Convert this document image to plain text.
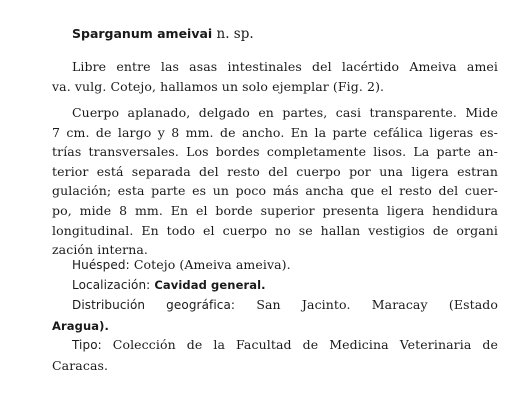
Sparganum ameivai n. sp.
Libre entre las asas intestinales del lacértido Ameiva amei
va. vulg. Cotejo, hallamos un solo ejemplar (Fig. 2).
Cuerpo aplanado, delgado en partes, casi transparente. Mide
7 cm. de largo y 8 mm. de ancho. En la parte cefálica ligeras es-
trías transversales. Los bordes completamente lisos. La parte an-
terior está separada del resto del cuerpo por una ligera estran
gulación; esta parte es un poco más ancha que el resto del cuer-
po, mide 8 mm. En el borde superior presenta ligera hendidura
longitudinal. En todo el cuerpo no se hallan vestigios de organi
zación interna.
Huésped: Cotejo (Ameiva ameiva).
Localización: Cavidad general.
Distribución geográfica: San Jacinto. Maracay (Estado
Aragua).
Tipo: Colección de la Facultad de Medicina Veterinaria de
Caracas.
